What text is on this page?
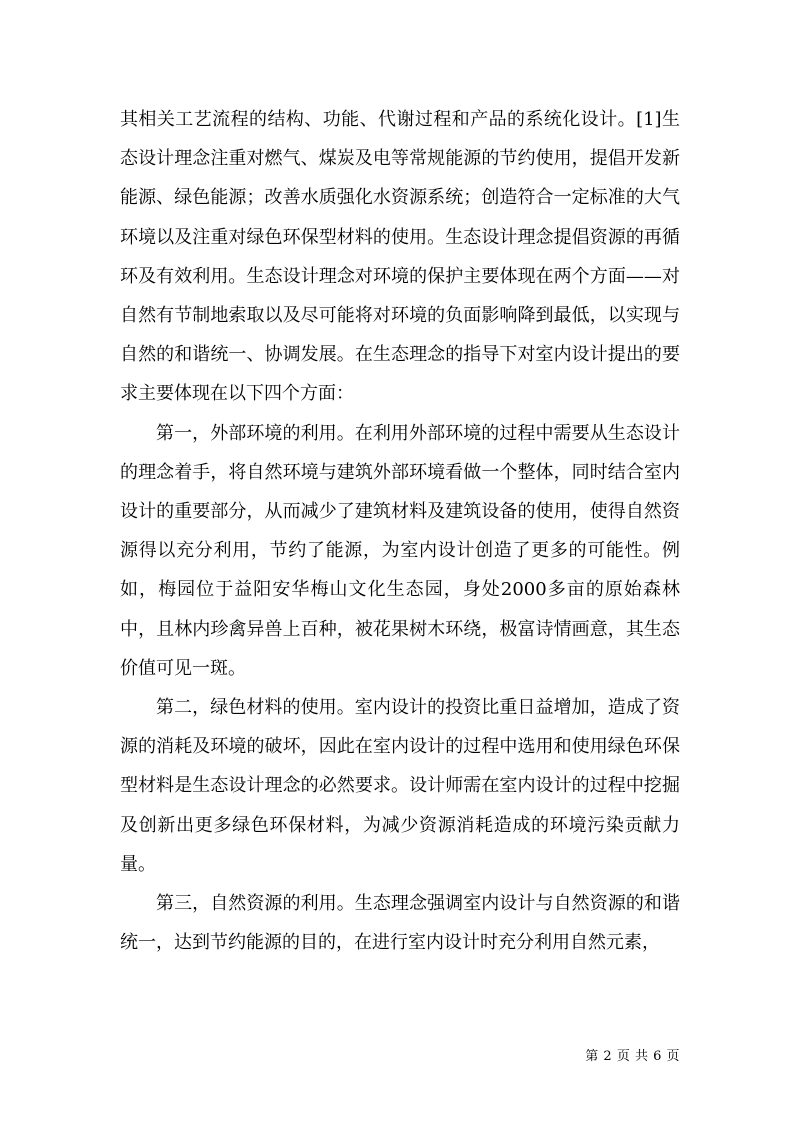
其相关工艺流程的结构、功能、代谢过程和产品的系统化设计。[1]生态设计理念注重对燃气、煤炭及电等常规能源的节约使用，提倡开发新能源、绿色能源；改善水质强化水资源系统；创造符合一定标准的大气环境以及注重对绿色环保型材料的使用。生态设计理念提倡资源的再循环及有效利用。生态设计理念对环境的保护主要体现在两个方面——对自然有节制地索取以及尽可能将对环境的负面影响降到最低，以实现与自然的和谐统一、协调发展。在生态理念的指导下对室内设计提出的要求主要体现在以下四个方面：

第一，外部环境的利用。在利用外部环境的过程中需要从生态设计的理念着手，将自然环境与建筑外部环境看做一个整体，同时结合室内设计的重要部分，从而减少了建筑材料及建筑设备的使用，使得自然资源得以充分利用，节约了能源，为室内设计创造了更多的可能性。例如，梅园位于益阳安华梅山文化生态园，身处2000多亩的原始森林中，且林内珍禽异兽上百种，被花果树木环绕，极富诗情画意，其生态价值可见一斑。

第二，绿色材料的使用。室内设计的投资比重日益增加，造成了资源的消耗及环境的破坏，因此在室内设计的过程中选用和使用绿色环保型材料是生态设计理念的必然要求。设计师需在室内设计的过程中挖掘及创新出更多绿色环保材料，为减少资源消耗造成的环境污染贡献力量。

第三，自然资源的利用。生态理念强调室内设计与自然资源的和谐统一，达到节约能源的目的，在进行室内设计时充分利用自然元素，

第 2 页 共 6 页
